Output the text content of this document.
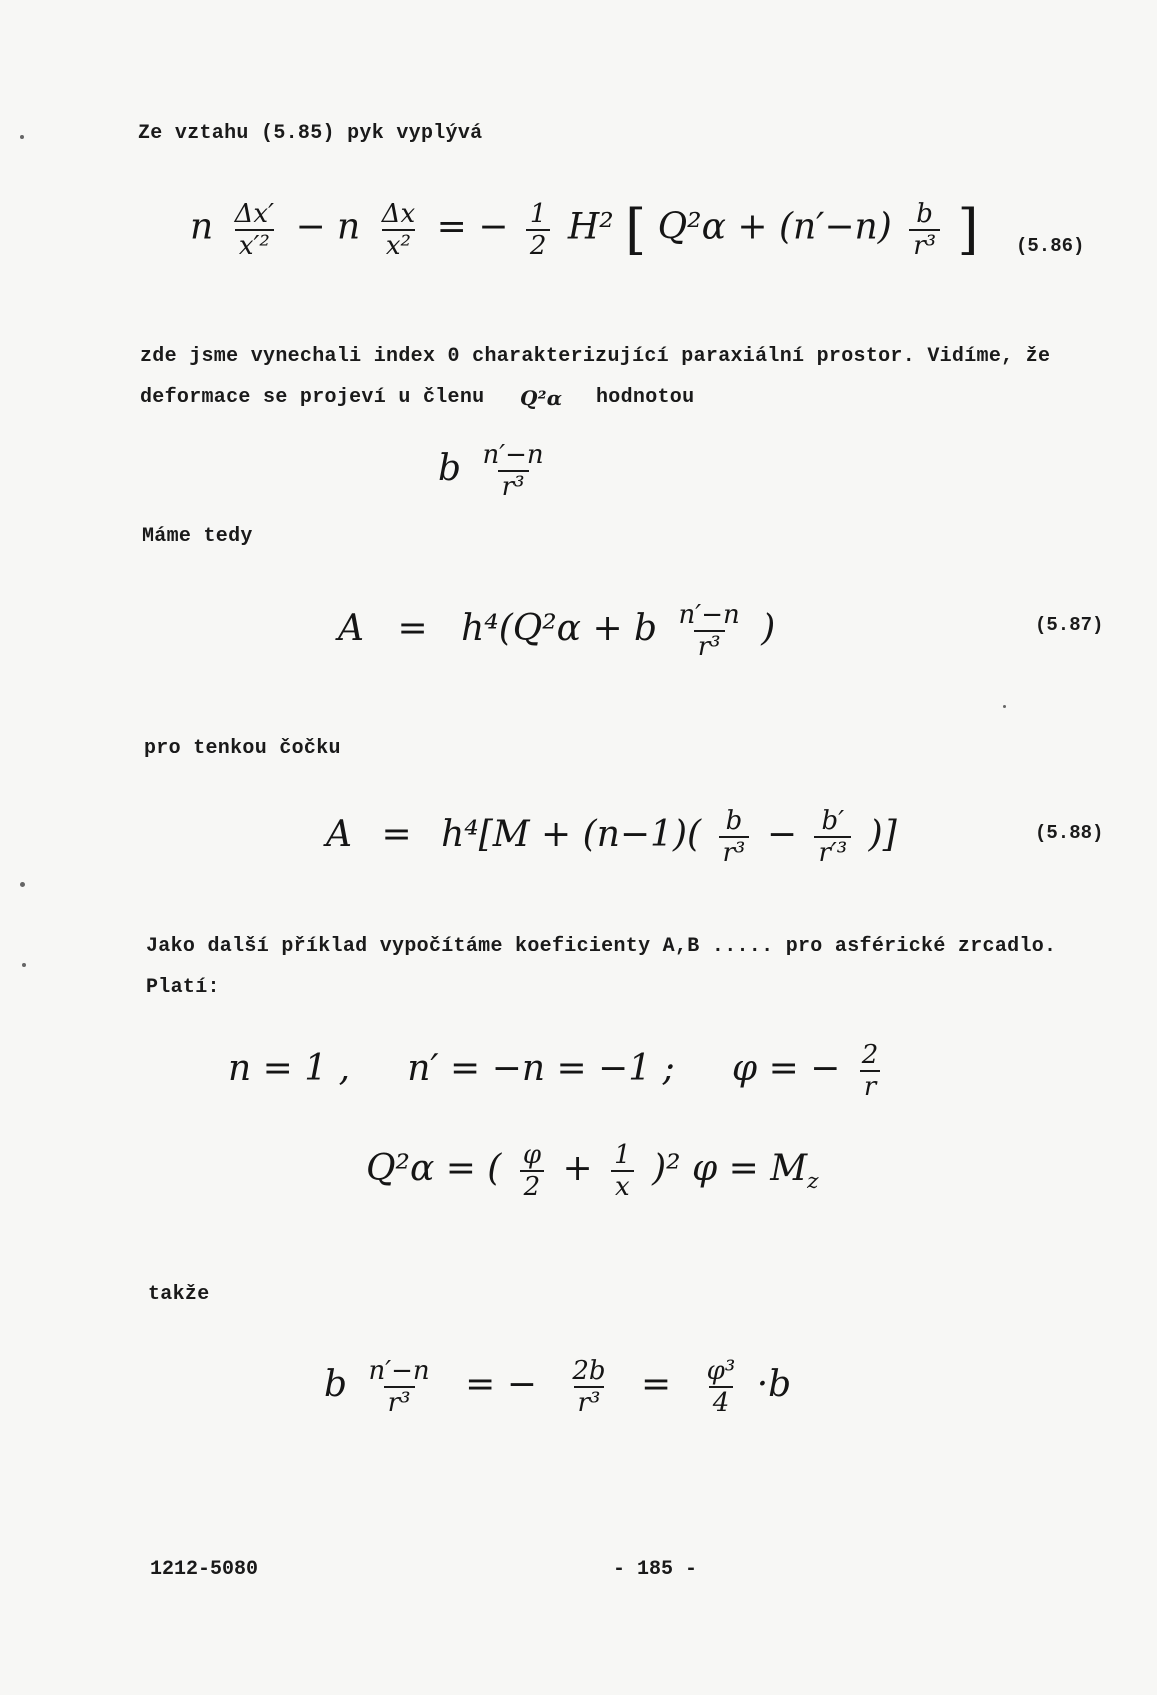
Ze vztahu (5.85) pyk vyplývá
n $\frac{\Delta x'}{\text{x′²}} - n \frac{\Delta x}{\text{x²}}$ = − $\frac{1}{2} H^2$ [ $Q^2\alpha + (n'-n) \frac{b}{\text{r³}}$ ] (5.86)
zde jsme vynechali index 0 charakterizující paraxiální prostor. Vidíme, že
deformace se projeví u členu Q²α hodnotou
b $\frac{n'-n}{\text{r³}}$
Máme tedy
A = h⁴(Q²α + b $\frac{n'-n}{\text{r³}}$ )	(5.87)
pro tenkou čočku
$A = h^4[M + (n-1)( \frac{b}{\text{r³}} - \frac{b'}{\text{r′³}}$ )]	(5.88)
Jako další příklad vypočítáme koeficienty A,B ..... pro asférické zrcadlo.
Platí:
n = 1 ,     n′ = −n = −1 ;     φ = − $\frac{2}{r}$
Q²α = ( $\frac{\varphi}{2} + \frac{1}{x} )^2$ $\varphi = M_z$
takže
b $\frac{n'-n}{\text{r³}}$ = − $\frac{2b}{\text{r³}} = \frac{\text{φ³}}{4} \cdot b$
1212-5080	- 185 -
